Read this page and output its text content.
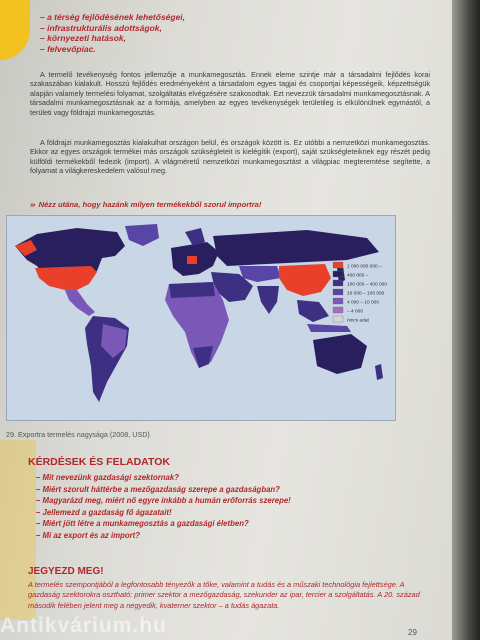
– a térség fejlődésének lehetőségei,
– infrastrukturális adottságok,
– környezeti hatások,
– felvevőpiac.
A termelő tevékenység fontos jellemzője a munkamegosztás. Ennek eleme szintje már a társadalmi fejlődés korai szakaszában kialakult. Hosszú fejlődés eredményeként a társadalom egyes tagjai és csoportjai képességeik, képzettségük alapján valamely termelési folyamat, szolgáltatás elvégzésére szakosodtak. Ezt nevezzük társadalmi munkamegosztásnak. A társadalmi munkamegosztásnak az a formája, amelyben az egyes tevékenységek területileg is elkülönülnek egymástól, a területi vagy földrajzi munkamegosztás.
A földrajzi munkamegosztás kialakulhat országon belül, és országok között is. Ez utóbbi a nemzetközi munkamegosztás. Ekkor az egyes országok termékei más országok szükségleteit is kielégítik (export), saját szükségleteiknek egy részét pedig külföldi termékekből fedezik (import). A világméretű nemzetközi munkamegosztást a világpiac megteremtése segítette, a folyamat a világkereskedelem valósul meg.
››› Nézz utána, hogy hazánk milyen termékekből szorul importra!
1 000 000 000 –
400 000 –
100 000 – 400 000
10 000 – 100 000
4 000 – 10 000
– 4 000
nincs adat
29. Exportra termelés nagysága (2008, USD)
KÉRDÉSEK ÉS FELADATOK
– Mit nevezünk gazdasági szektornak?
– Miért szorult háttérbe a mezőgazdaság szerepe a gazdaságban?
– Magyarázd meg, miért nő egyre inkább a humán erőforrás szerepe!
– Jellemezd a gazdaság fő ágazatait!
– Miért jött létre a munkamegosztás a gazdasági életben?
– Mi az export és az import?
JEGYEZD MEG!
A termelés szempontjából a legfontosabb tényezők a tőke, valamint a tudás és a műszaki technológia fejlettsége. A gazdaság szektorokra osztható: primer szektor a mezőgazdaság, szekunder az ipar, tercier a szolgáltatás. A 20. század második felében jelent meg a negyedik, kvaterner szektor – a tudás ágazata.
Antikvárium.hu	29
